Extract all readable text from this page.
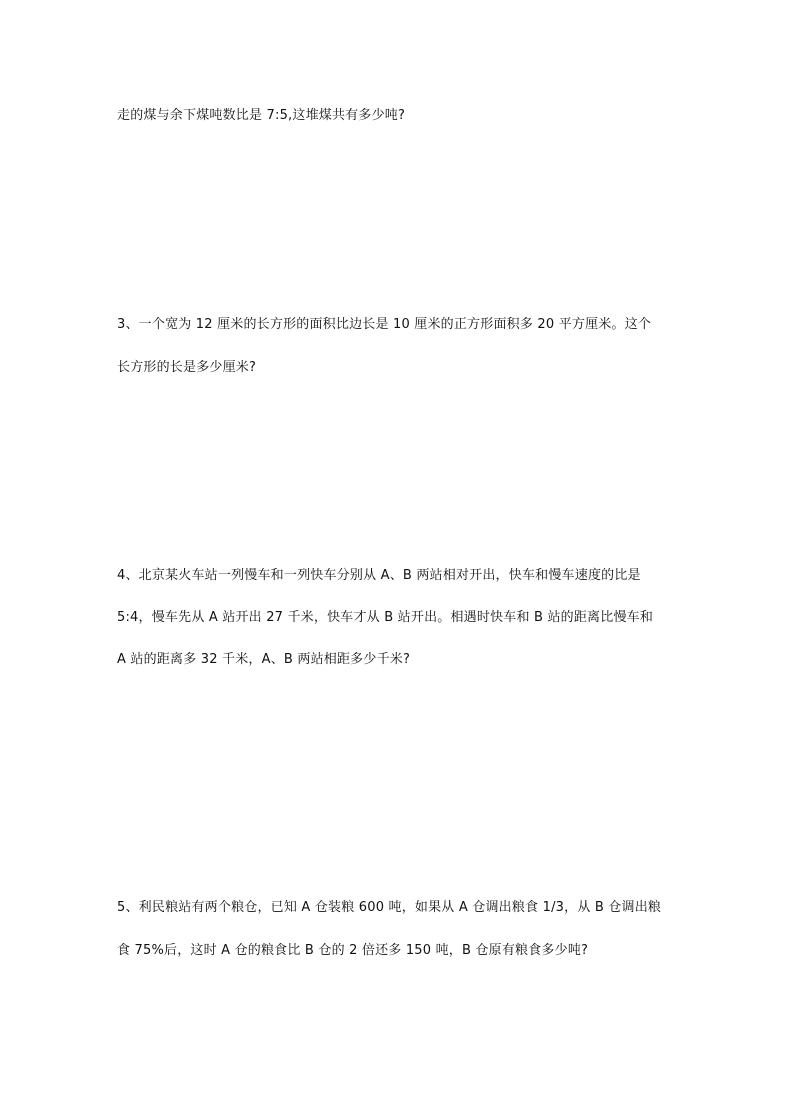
走的煤与余下煤吨数比是 7:5,这堆煤共有多少吨?
3、一个宽为 12 厘米的长方形的面积比边长是 10 厘米的正方形面积多 20 平方厘米。这个
长方形的长是多少厘米?
4、北京某火车站一列慢车和一列快车分别从 A、B 两站相对开出，快车和慢车速度的比是
5:4，慢车先从 A 站开出 27 千米，快车才从 B 站开出。相遇时快车和 B 站的距离比慢车和
A 站的距离多 32 千米，A、B 两站相距多少千米?
5、利民粮站有两个粮仓，已知 A 仓装粮 600 吨，如果从 A 仓调出粮食 1/3，从 B 仓调出粮
食 75%后，这时 A 仓的粮食比 B 仓的 2 倍还多 150 吨，B 仓原有粮食多少吨?
